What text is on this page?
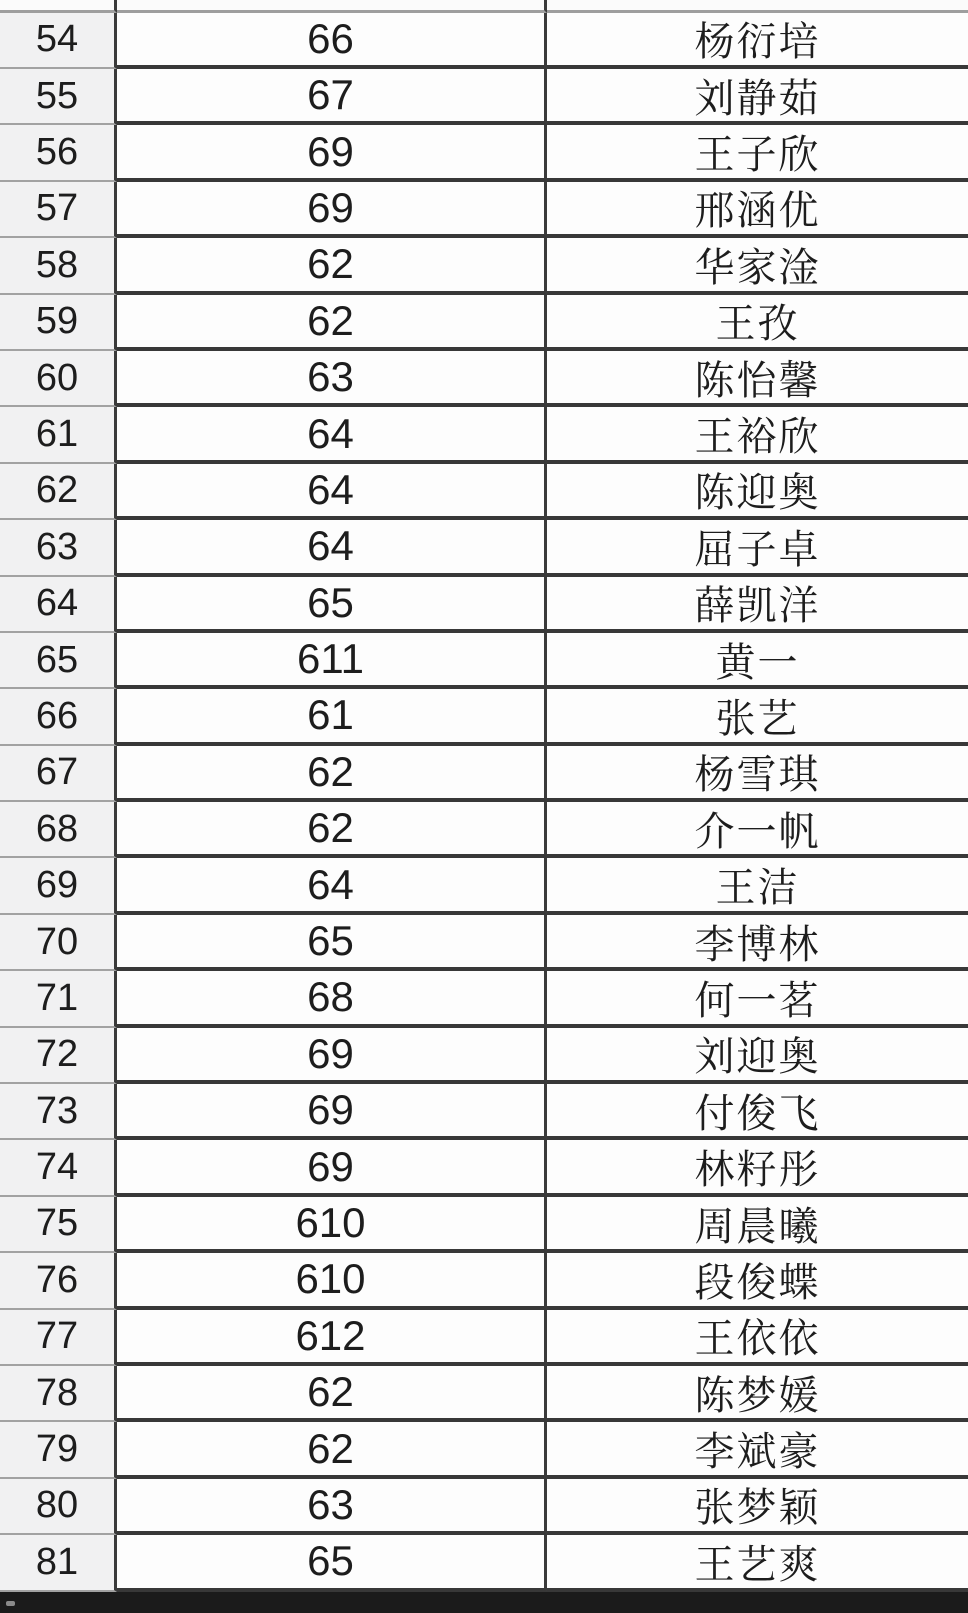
54	66	杨衍培
55	67	刘静茹
56	69	王子欣
57	69	邢涵优
58	62	华家淦
59	62	王孜
60	63	陈怡馨
61	64	王裕欣
62	64	陈迎奥
63	64	屈子卓
64	65	薛凯洋
65	611	黄一
66	61	张艺
67	62	杨雪琪
68	62	介一帆
69	64	王洁
70	65	李博林
71	68	何一茗
72	69	刘迎奥
73	69	付俊飞
74	69	林籽彤
75	610	周晨曦
76	610	段俊蝶
77	612	王依依
78	62	陈梦媛
79	62	李斌豪
80	63	张梦颖
81	65	王艺爽
